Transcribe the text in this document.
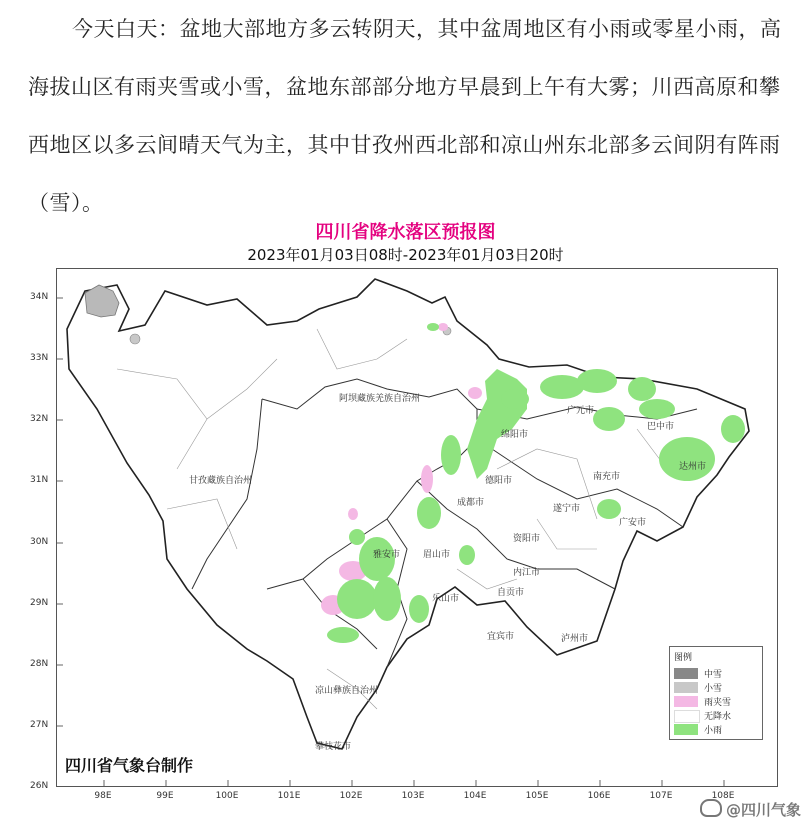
今天白天：盆地大部地方多云转阴天，其中盆周地区有小雨或零星小雨，高海拔山区有雨夹雪或小雪，盆地东部部分地方早晨到上午有大雾；川西高原和攀西地区以多云间晴天气为主，其中甘孜州西北部和凉山州东北部多云间阴有阵雨（雪）。

四川省降水落区预报图
2023年01月03日08时-2023年01月03日20时
34N
33N
32N
31N
30N
29N
28N
27N
26N
98E	99E	100E	101E	102E	103E	104E	105E	106E	107E	108E
阿坝藏族羌族自治州
甘孜藏族自治州
凉山彝族自治州
绵阳市
德阳市
成都市
雅安市	眉山市
乐山市
资阳市
内江市
自贡市
宜宾市	泸州市
广元市
巴中市
达州市
南充市
遂宁市
广安市
攀枝花市
图例
中雪
小雪
雨夹雪
无降水
小雨
四川省气象台制作
@四川气象
